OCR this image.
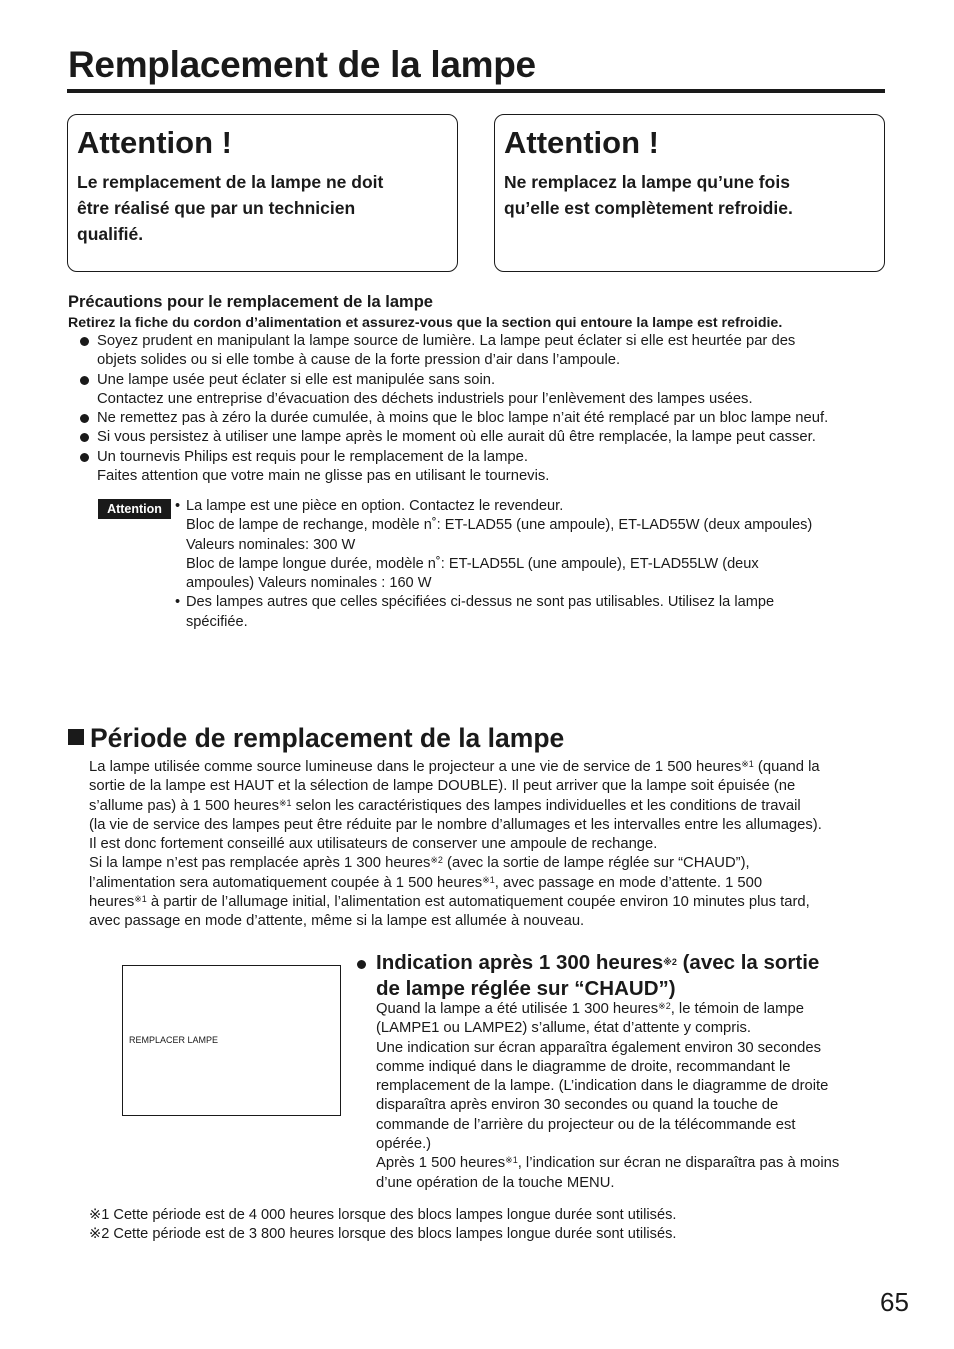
Remplacement de la lampe
Attention !
Le remplacement de la lampe ne doit
être réalisé que par un technicien
qualifié.
Attention !
Ne remplacez la lampe qu’une fois
qu’elle est complètement refroidie.
Précautions pour le remplacement de la lampe
Retirez la fiche du cordon d’alimentation et assurez-vous que la section qui entoure la lampe est refroidie.
Soyez prudent en manipulant la lampe source de lumière. La lampe peut éclater si elle est heurtée par des
objets solides ou si elle tombe à cause de la forte pression d’air dans l’ampoule.
Une lampe usée peut éclater si elle est manipulée sans soin.
Contactez une entreprise d’évacuation des déchets industriels pour l’enlèvement des lampes usées.
Ne remettez pas à zéro la durée cumulée, à moins que le bloc lampe n’ait été remplacé par un bloc lampe neuf.
Si vous persistez à utiliser une lampe après le moment où elle aurait dû être remplacée, la lampe peut casser.
Un tournevis Philips est requis pour le remplacement de la lampe.
Faites attention que votre main ne glisse pas en utilisant le tournevis.
Attention • La lampe est une pièce en option. Contactez le revendeur.
Bloc de lampe de rechange, modèle n˚: ET-LAD55 (une ampoule), ET-LAD55W (deux ampoules)
Valeurs nominales: 300 W
Bloc de lampe longue durée, modèle n˚: ET-LAD55L (une ampoule), ET-LAD55LW (deux
ampoules) Valeurs nominales : 160 W
• Des lampes autres que celles spécifiées ci-dessus ne sont pas utilisables. Utilisez la lampe
spécifiée.
Période de remplacement de la lampe
La lampe utilisée comme source lumineuse dans le projecteur a une vie de service de 1 500 heures$^{※1}$ (quand la
sortie de la lampe est HAUT et la sélection de lampe DOUBLE). Il peut arriver que la lampe soit épuisée (ne
s’allume pas) à 1 500 heures$^{※1}$ selon les caractéristiques des lampes individuelles et les conditions de travail
(la vie de service des lampes peut être réduite par le nombre d’allumages et les intervalles entre les allumages).
Il est donc fortement conseillé aux utilisateurs de conserver une ampoule de rechange.
Si la lampe n’est pas remplacée après 1 300 heures$^{※2}$ (avec la sortie de lampe réglée sur “CHAUD”),
l’alimentation sera automatiquement coupée à 1 500 heures$^{※1}$, avec passage en mode d’attente. 1 500
heures$^{※1}$ à partir de l’allumage initial, l’alimentation est automatiquement coupée environ 10 minutes plus tard,
avec passage en mode d’attente, même si la lampe est allumée à nouveau.
REMPLACER LAMPE
Indication après 1 300 heures$^{※2}$ (avec la sortie
de lampe réglée sur “CHAUD”)
Quand la lampe a été utilisée 1 300 heures$^{※2}$, le témoin de lampe
(LAMPE1 ou LAMPE2) s’allume, état d’attente y compris.
Une indication sur écran apparaîtra également environ 30 secondes
comme indiqué dans le diagramme de droite, recommandant le
remplacement de la lampe. (L’indication dans le diagramme de droite
disparaîtra après environ 30 secondes ou quand la touche de
commande de l’arrière du projecteur ou de la télécommande est
opérée.)
Après 1 500 heures$^{※1}$, l’indication sur écran ne disparaîtra pas à moins
d’une opération de la touche MENU.
※1 Cette période est de 4 000 heures lorsque des blocs lampes longue durée sont utilisés.
※2 Cette période est de 3 800 heures lorsque des blocs lampes longue durée sont utilisés.
65
